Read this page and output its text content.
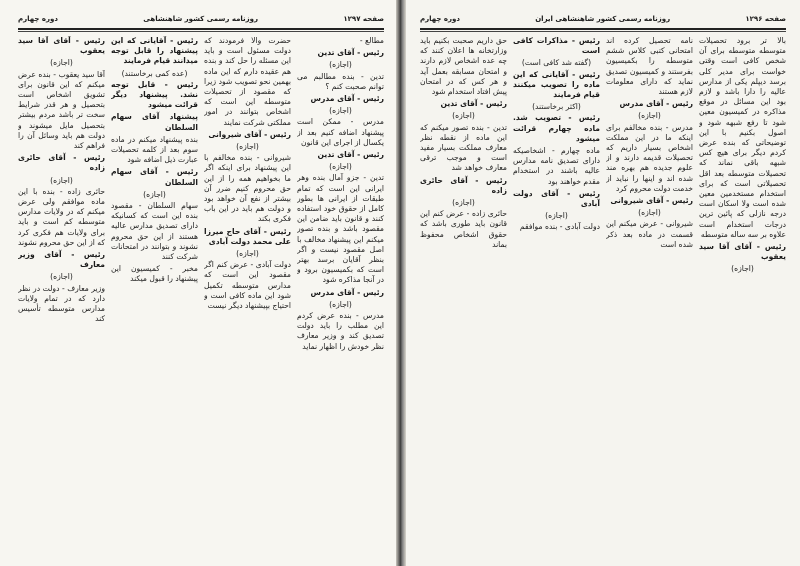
صفحه ۱۲۹۷
روزنامه رسمی کشور شاهنشاهی
دوره چهارم

مطالع -

رئیس - آقای تدین

(اجازه)

تدین - بنده مطالبم می توانم صحبت کنم ؟

رئیس - آقای مدرس

(اجازه)

مدرس - ممکن است پیشنهاد اضافه کنیم بعد از یکسال از اجرای این قانون

رئیس - آقای تدین

(اجازه)

تدین - جزو آمال بنده وهر ایرانی این است که تمام طبقات از ایرانی ها بطور کامل از حقوق خود استفاده کنند و قانون باید ضامن این مقصود باشد و بنده تصور میکنم این پیشنهاد مخالف با اصل مقصود نیست و اگر بنظر آقایان برسد بهتر است که بکمیسیون برود و در آنجا مذاکره شود

رئیس - آقای مدرس

(اجازه)

مدرس - بنده عرض کردم این مطلب را باید دولت تصدیق کند و وزیر معارف نظر خودش را اظهار نماید

حضرت والا فرمودند که دولت مسئول است و باید این مسئله را حل کند و بنده هم عقیده دارم که این ماده بهمین نحو تصویب شود زیرا که مقصود از تحصیلات متوسطه این است که اشخاص بتوانند در امور مملکتی شرکت نمایند

رئیس - آقای شیروانی

(اجازه)

شیروانی - بنده مخالفم با این پیشنهاد برای اینکه اگر ما بخواهیم همه را از این حق محروم کنیم ضرر آن بیشتر از نفع آن خواهد بود و دولت هم باید در این باب فکری بکند

رئیس - آقای حاج میرزا علی محمد دولت آبادی

(اجازه)

دولت آبادی - عرض کنم اگر مقصود این است که مدارس متوسطه تکمیل شود این ماده کافی است و احتیاج بپیشنهاد دیگر نیست

رئیس - آقایانی که این پیشنهاد را قابل توجه میدانند قیام فرمایند

(عده کمی برخاستند)

رئیس - قابل توجه نشد. پیشنهاد دیگر قرائت میشود

پیشنهاد آقای سهام السلطان

بنده پیشنهاد میکنم در ماده سوم بعد از کلمه تحصیلات عبارت ذیل اضافه شود

رئیس - آقای سهام السلطان

(اجازه)

سهام السلطان - مقصود بنده این است که کسانیکه دارای تصدیق مدارس عالیه هستند از این حق محروم نشوند و بتوانند در امتحانات شرکت کنند

مخبر - کمیسیون این پیشنهاد را قبول میکند

رئیس - آقای آقا سید یعقوب

(اجازه)

آقا سید یعقوب - بنده عرض میکنم که این قانون برای تشویق اشخاص است بتحصیل و هر قدر شرایط سخت تر باشد مردم بیشتر بتحصیل مایل میشوند و دولت هم باید وسائل آن را فراهم کند

رئیس - آقای حائری زاده

(اجازه)

حائری زاده - بنده با این ماده موافقم ولی عرض میکنم که در ولایات مدارس متوسطه کم است و باید برای ولایات هم فکری کرد که از این حق محروم نشوند

رئیس - آقای وزیر معارف

(اجازه)

وزیر معارف - دولت در نظر دارد که در تمام ولایات مدارس متوسطه تأسیس کند

صفحه ۱۲۹۶
روزنامه رسمی کشور شاهنشاهی ایران
دوره چهارم

بالا تر برود تحصیلات متوسطه متوسطه برای آن شخص کافی است وقتی خواست برای مدیر کلی برسد دیپلم یکی از مدارس عالیه را دارا باشد و لازم بود این مسائل در موقع مذاکره در کمیسیون معین شود تا رفع شبهه شود و اصول بکنیم با این توضیحاتی که بنده عرض کردم دیگر برای هیچ کس شبهه باقی نماند که تحصیلات متوسطه بعد اقل تحصیلاتی است که برای استخدام مستخدمین معین شده است ولا اسکان است درجه نازلی که پائین ترین درجات استخدام است علاوه بر سه ساله متوسطه

رئیس - آقای آقا سید یعقوب

(اجازه)

نامه تحصیل کرده اند امتحانی کتبی کلاس ششم متوسطه را بکمیسیون بفرستند و کمیسیون تصدیق نماید که دارای معلومات لازم هستند

رئیس - آقای مدرس

(اجازه)

مدرس - بنده مخالفم برای اینکه ما در این مملکت اشخاص بسیار داریم که تحصیلات قدیمه دارند و از علوم جدیده هم بهره مند شده اند و اینها را نباید از خدمت دولت محروم کرد

رئیس - آقای شیروانی

(اجازه)

شیروانی - عرض میکنم این قسمت در ماده بعد ذکر شده است

رئیس - مذاکرات کافی است

(گفته شد کافی است)

رئیس - آقایانی که این ماده را تصویب میکنند قیام فرمایند

(اکثر برخاستند)

رئیس - تصویب شد. ماده چهارم قرائت میشود

ماده چهارم - اشخاصیکه دارای تصدیق نامه مدارس عالیه باشند در استخدام مقدم خواهند بود

رئیس - آقای دولت آبادی

(اجازه)

دولت آبادی - بنده موافقم

حق داریم صحبت بکنیم باید وزارتخانه ها اعلان کنند که چه عده اشخاص لازم دارند و امتحان مسابقه بعمل آید و هر کس که در امتحان پیش افتاد استخدام شود

رئیس - آقای تدین

(اجازه)

تدین - بنده تصور میکنم که این ماده از نقطه نظر معارف مملکت بسیار مفید است و موجب ترقی معارف خواهد شد

رئیس - آقای حائری زاده

(اجازه)

حائری زاده - عرض کنم این قانون باید طوری باشد که حقوق اشخاص محفوظ بماند
